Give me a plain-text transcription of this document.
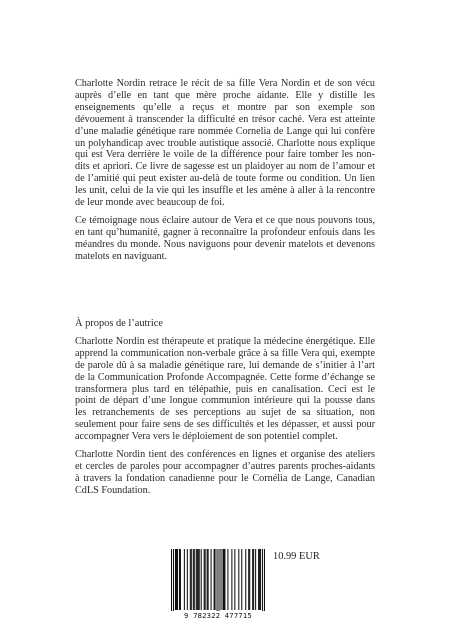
Charlotte Nordin retrace le récit de sa fille Vera Nordin et de son vécu auprès d’elle en tant que mère proche aidante. Elle y distille les enseignements qu’elle a reçus et montre par son exemple son dévouement à transcender la difficulté en trésor caché. Vera est atteinte d’une maladie génétique rare nommée Cornelia de Lange qui lui confère un polyhandicap avec trouble autistique associé. Charlotte nous explique qui est Vera derrière le voile de la différence pour faire tomber les non-dits et apriori. Ce livre de sagesse est un plaidoyer au nom de l’amour et de l’amitié qui peut exister au-delà de toute forme ou condition. Un lien les unit, celui de la vie qui les insuffle et les amène à aller à la rencontre de leur monde avec beaucoup de foi.

Ce témoignage nous éclaire autour de Vera et ce que nous pouvons tous, en tant qu’humanité, gagner à reconnaître la profondeur enfouis dans les méandres du monde. Nous naviguons pour devenir matelots et devenons matelots en naviguant.

À propos de l’autrice

Charlotte Nordin est thérapeute et pratique la médecine énergétique. Elle apprend la communication non-verbale grâce à sa fille Vera qui, exempte de parole dû à sa maladie génétique rare, lui demande de s’initier à l’art de la Communication Profonde Accompagnée. Cette forme d’échange se transformera plus tard en télépathie, puis en canalisation. Ceci est le point de départ d’une longue communion intérieure qui la pousse dans les retranchements de ses perceptions au sujet de sa situation, non seulement pour faire sens de ses difficultés et les dépasser, et aussi pour accompagner Vera vers le déploiement de son potentiel complet.

Charlotte Nordin tient des conférences en lignes et organise des ateliers et cercles de paroles pour accompagner d’autres parents proches-aidants à travers la fondation canadienne pour le Cornélia de Lange, Canadian CdLS Foundation.

9 782322 477715
10.99 EUR
